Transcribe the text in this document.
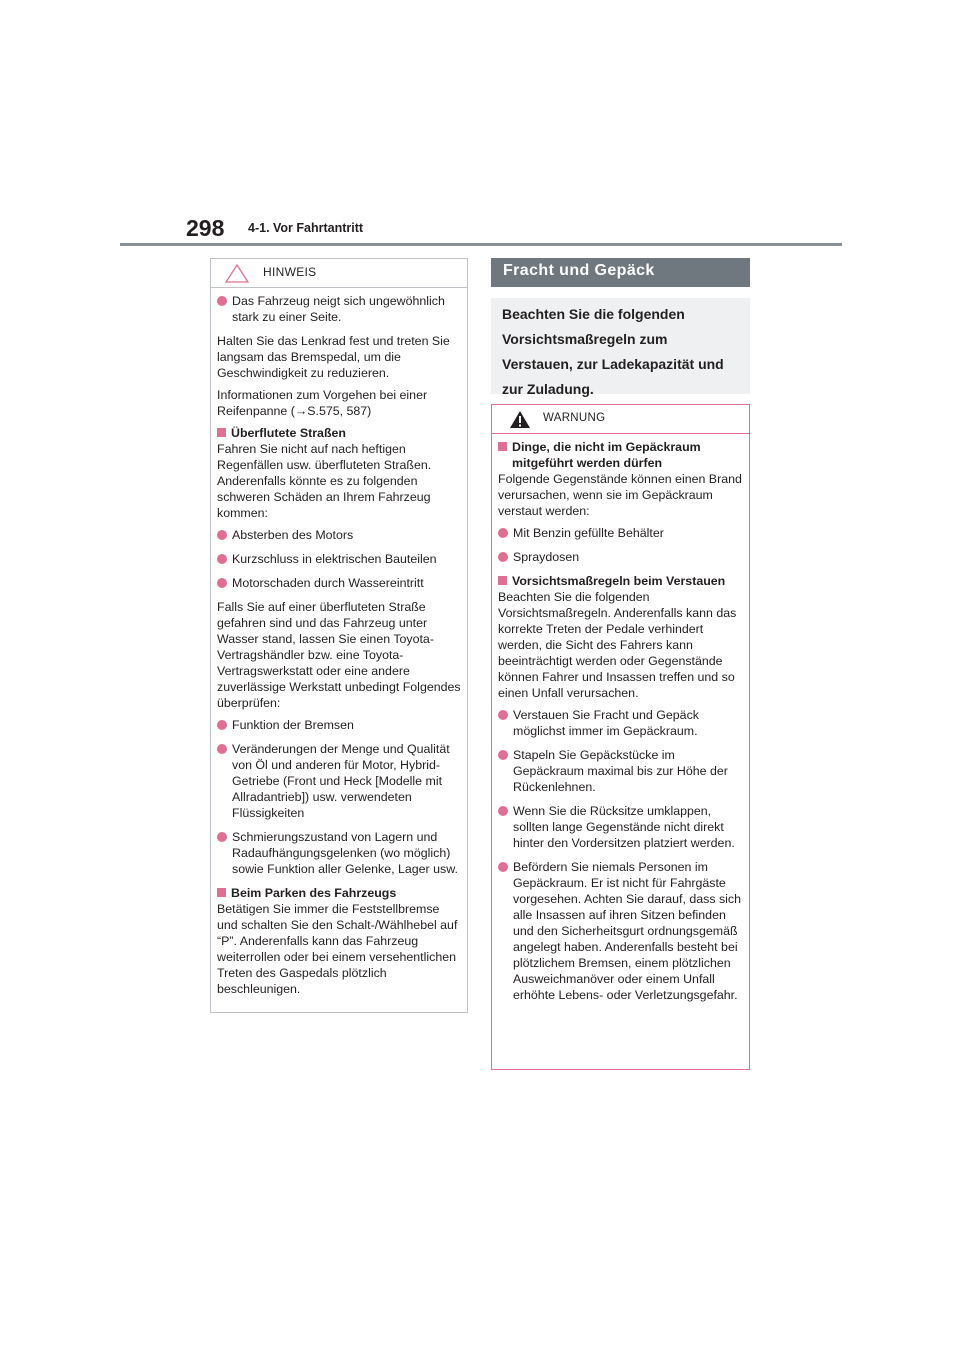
298 4-1. Vor Fahrtantritt
HINWEIS
Das Fahrzeug neigt sich ungewöhnlich stark zu einer Seite.
Halten Sie das Lenkrad fest und treten Sie langsam das Bremspedal, um die Geschwindigkeit zu reduzieren.
Informationen zum Vorgehen bei einer Reifenpanne (→S.575, 587)
Überflutete Straßen
Fahren Sie nicht auf nach heftigen Regenfällen usw. überfluteten Straßen. Anderenfalls könnte es zu folgenden schweren Schäden an Ihrem Fahrzeug kommen:
Absterben des Motors
Kurzschluss in elektrischen Bauteilen
Motorschaden durch Wassereintritt
Falls Sie auf einer überfluteten Straße gefahren sind und das Fahrzeug unter Wasser stand, lassen Sie einen Toyota-Vertragshändler bzw. eine Toyota-Vertragswerkstatt oder eine andere zuverlässige Werkstatt unbedingt Folgendes überprüfen:
Funktion der Bremsen
Veränderungen der Menge und Qualität von Öl und anderen für Motor, Hybrid-Getriebe (Front und Heck [Modelle mit Allradantrieb]) usw. verwendeten Flüssigkeiten
Schmierungszustand von Lagern und Radaufhängungsgelenken (wo möglich) sowie Funktion aller Gelenke, Lager usw.
Beim Parken des Fahrzeugs
Betätigen Sie immer die Feststellbremse und schalten Sie den Schalt-/Wählhebel auf “P”. Anderenfalls kann das Fahrzeug weiterrollen oder bei einem versehentlichen Treten des Gaspedals plötzlich beschleunigen.
Fracht und Gepäck

Beachten Sie die folgenden Vorsichtsmaßregeln zum Verstauen, zur Ladekapazität und zur Zuladung.

WARNUNG
Dinge, die nicht im Gepäckraum mitgeführt werden dürfen
Folgende Gegenstände können einen Brand verursachen, wenn sie im Gepäckraum verstaut werden:
Mit Benzin gefüllte Behälter
Spraydosen
Vorsichtsmaßregeln beim Verstauen
Beachten Sie die folgenden Vorsichtsmaßregeln. Anderenfalls kann das korrekte Treten der Pedale verhindert werden, die Sicht des Fahrers kann beeinträchtigt werden oder Gegenstände können Fahrer und Insassen treffen und so einen Unfall verursachen.
Verstauen Sie Fracht und Gepäck möglichst immer im Gepäckraum.
Stapeln Sie Gepäckstücke im Gepäckraum maximal bis zur Höhe der Rückenlehnen.
Wenn Sie die Rücksitze umklappen, sollten lange Gegenstände nicht direkt hinter den Vordersitzen platziert werden.
Befördern Sie niemals Personen im Gepäckraum. Er ist nicht für Fahrgäste vorgesehen. Achten Sie darauf, dass sich alle Insassen auf ihren Sitzen befinden und den Sicherheitsgurt ordnungsgemäß angelegt haben. Anderenfalls besteht bei plötzlichem Bremsen, einem plötzlichen Ausweichmanöver oder einem Unfall erhöhte Lebens- oder Verletzungsgefahr.
